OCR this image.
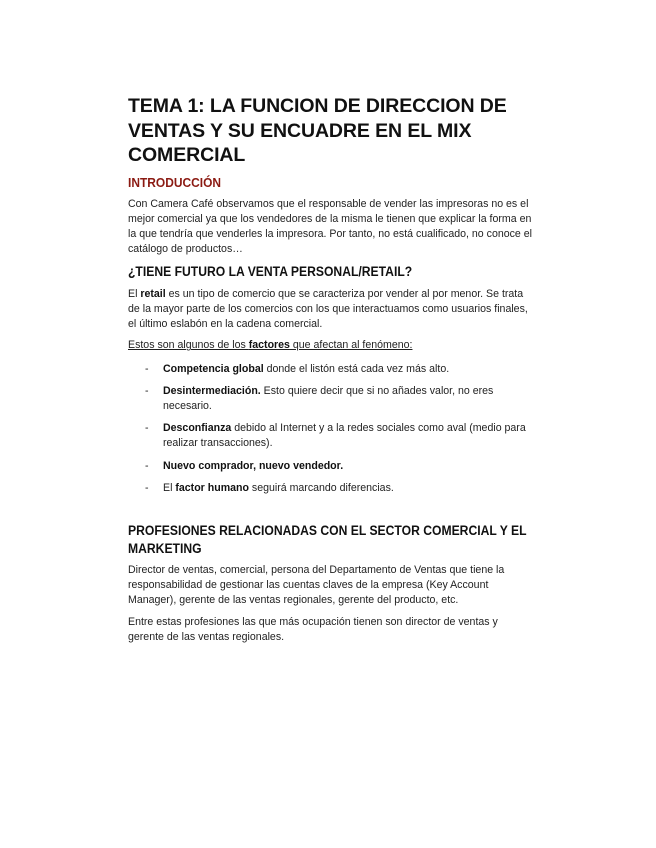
TEMA 1: LA FUNCION DE DIRECCION DE VENTAS Y SU ENCUADRE EN EL MIX COMERCIAL
INTRODUCCIÓN

Con Camera Café observamos que el responsable de vender las impresoras no es el mejor comercial ya que los vendedores de la misma le tienen que explicar la forma en la que tendría que venderles la impresora. Por tanto, no está cualificado, no conoce el catálogo de productos…

¿TIENE FUTURO LA VENTA PERSONAL/RETAIL?

El retail es un tipo de comercio que se caracteriza por vender al por menor. Se trata de la mayor parte de los comercios con los que interactuamos como usuarios finales, el último eslabón en la cadena comercial.

Estos son algunos de los factores que afectan al fenómeno:

- Competencia global donde el listón está cada vez más alto.
- Desintermediación. Esto quiere decir que si no añades valor, no eres necesario.
- Desconfianza debido al Internet y a la redes sociales como aval (medio para realizar transacciones).
- Nuevo comprador, nuevo vendedor.
- El factor humano seguirá marcando diferencias.
PROFESIONES RELACIONADAS CON EL SECTOR COMERCIAL Y EL MARKETING

Director de ventas, comercial, persona del Departamento de Ventas que tiene la responsabilidad de gestionar las cuentas claves de la empresa (Key Account Manager), gerente de las ventas regionales, gerente del producto, etc.

Entre estas profesiones las que más ocupación tienen son director de ventas y gerente de las ventas regionales.
